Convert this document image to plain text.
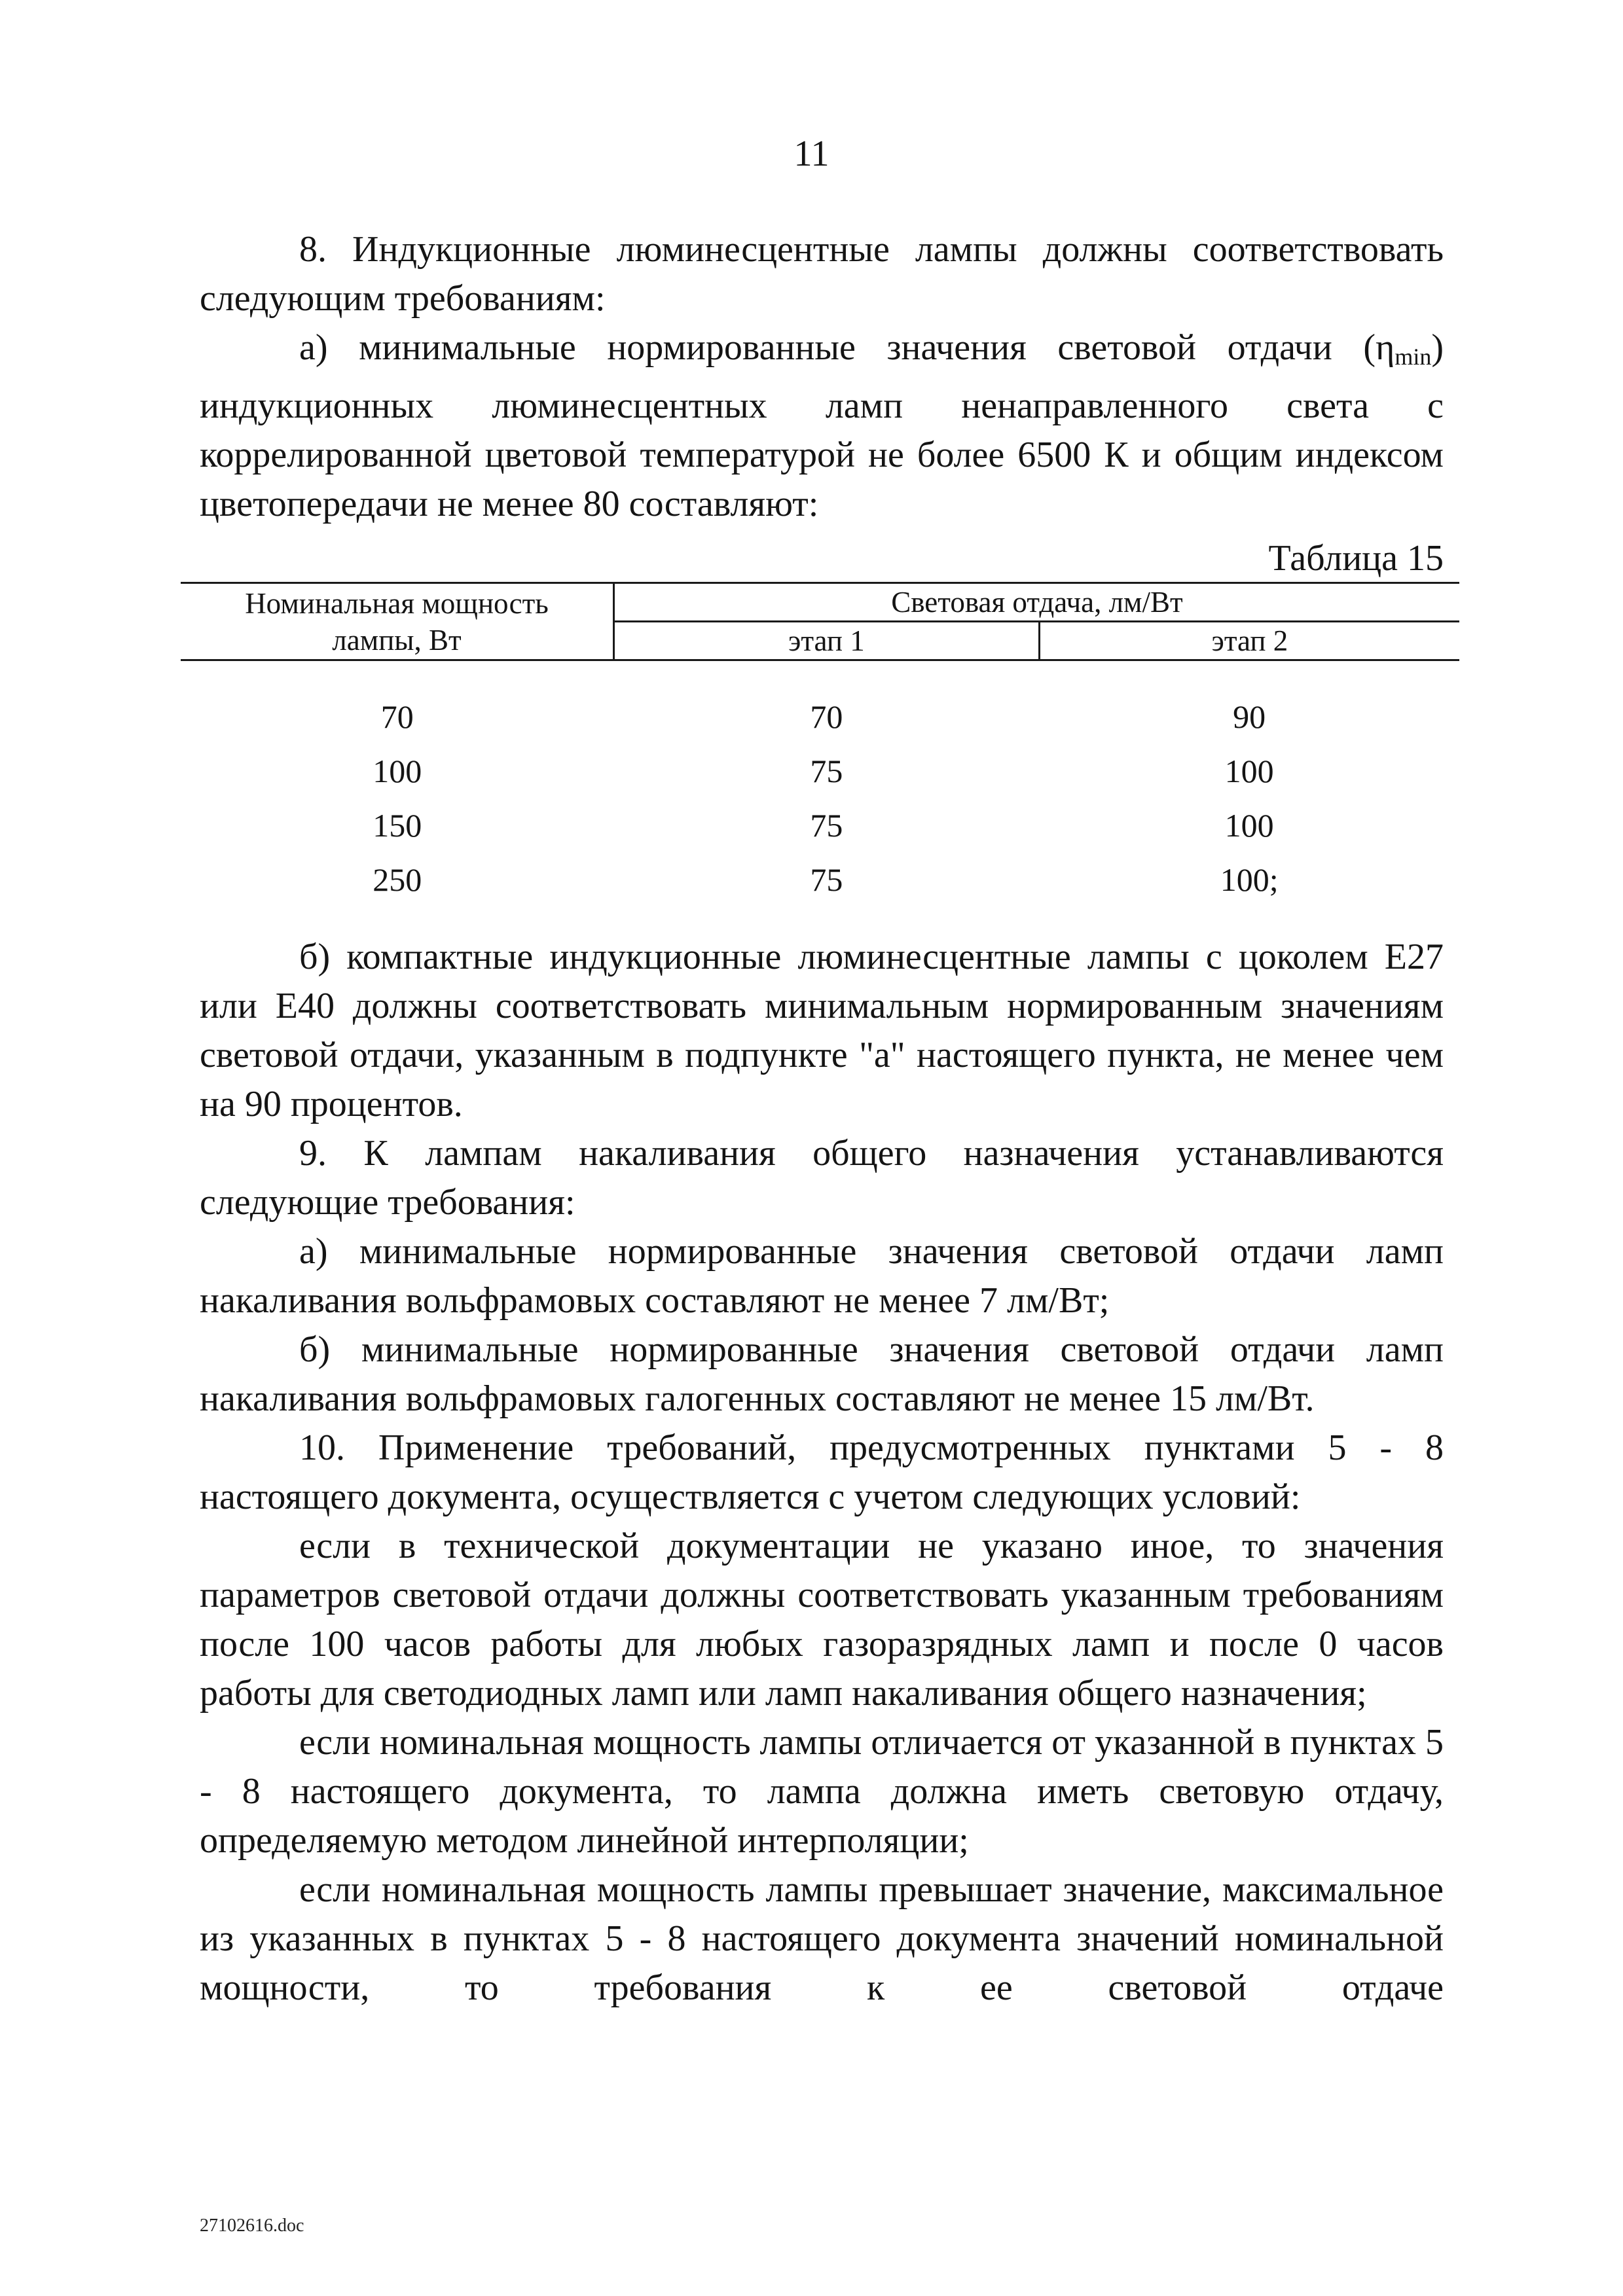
11

8. Индукционные люминесцентные лампы должны соответствовать следующим требованиям:

а) минимальные нормированные значения световой отдачи $(\eta_{min})$ индукционных люминесцентных ламп ненаправленного света с коррелированной цветовой температурой не более 6500 К и общим индексом цветопередачи не менее 80 составляют:

Таблица 15

Номинальная мощность
лампы, Вт	Световая отдача, лм/Вт	
	этап 1	этап 2

70	70	90
100	75	100
150	75	100
250	75	100;

б) компактные индукционные люминесцентные лампы с цоколем Е27 или Е40 должны соответствовать минимальным нормированным значениям световой отдачи, указанным в подпункте "а" настоящего пункта, не менее чем на 90 процентов.

9. К лампам накаливания общего назначения устанавливаются следующие требования:

а) минимальные нормированные значения световой отдачи ламп накаливания вольфрамовых составляют не менее 7 лм/Вт;

б) минимальные нормированные значения световой отдачи ламп накаливания вольфрамовых галогенных составляют не менее 15 лм/Вт.

10. Применение требований, предусмотренных пунктами 5 - 8 настоящего документа, осуществляется с учетом следующих условий:

если в технической документации не указано иное, то значения параметров световой отдачи должны соответствовать указанным требованиям после 100 часов работы для любых газоразрядных ламп и после 0 часов работы для светодиодных ламп или ламп накаливания общего назначения;

если номинальная мощность лампы отличается от указанной в пунктах 5 - 8 настоящего документа, то лампа должна иметь световую отдачу, определяемую методом линейной интерполяции;

если номинальная мощность лампы превышает значение, максимальное из указанных в пунктах 5 - 8 настоящего документа значений номинальной мощности, то требования к ее световой отдаче

27102616.doc
